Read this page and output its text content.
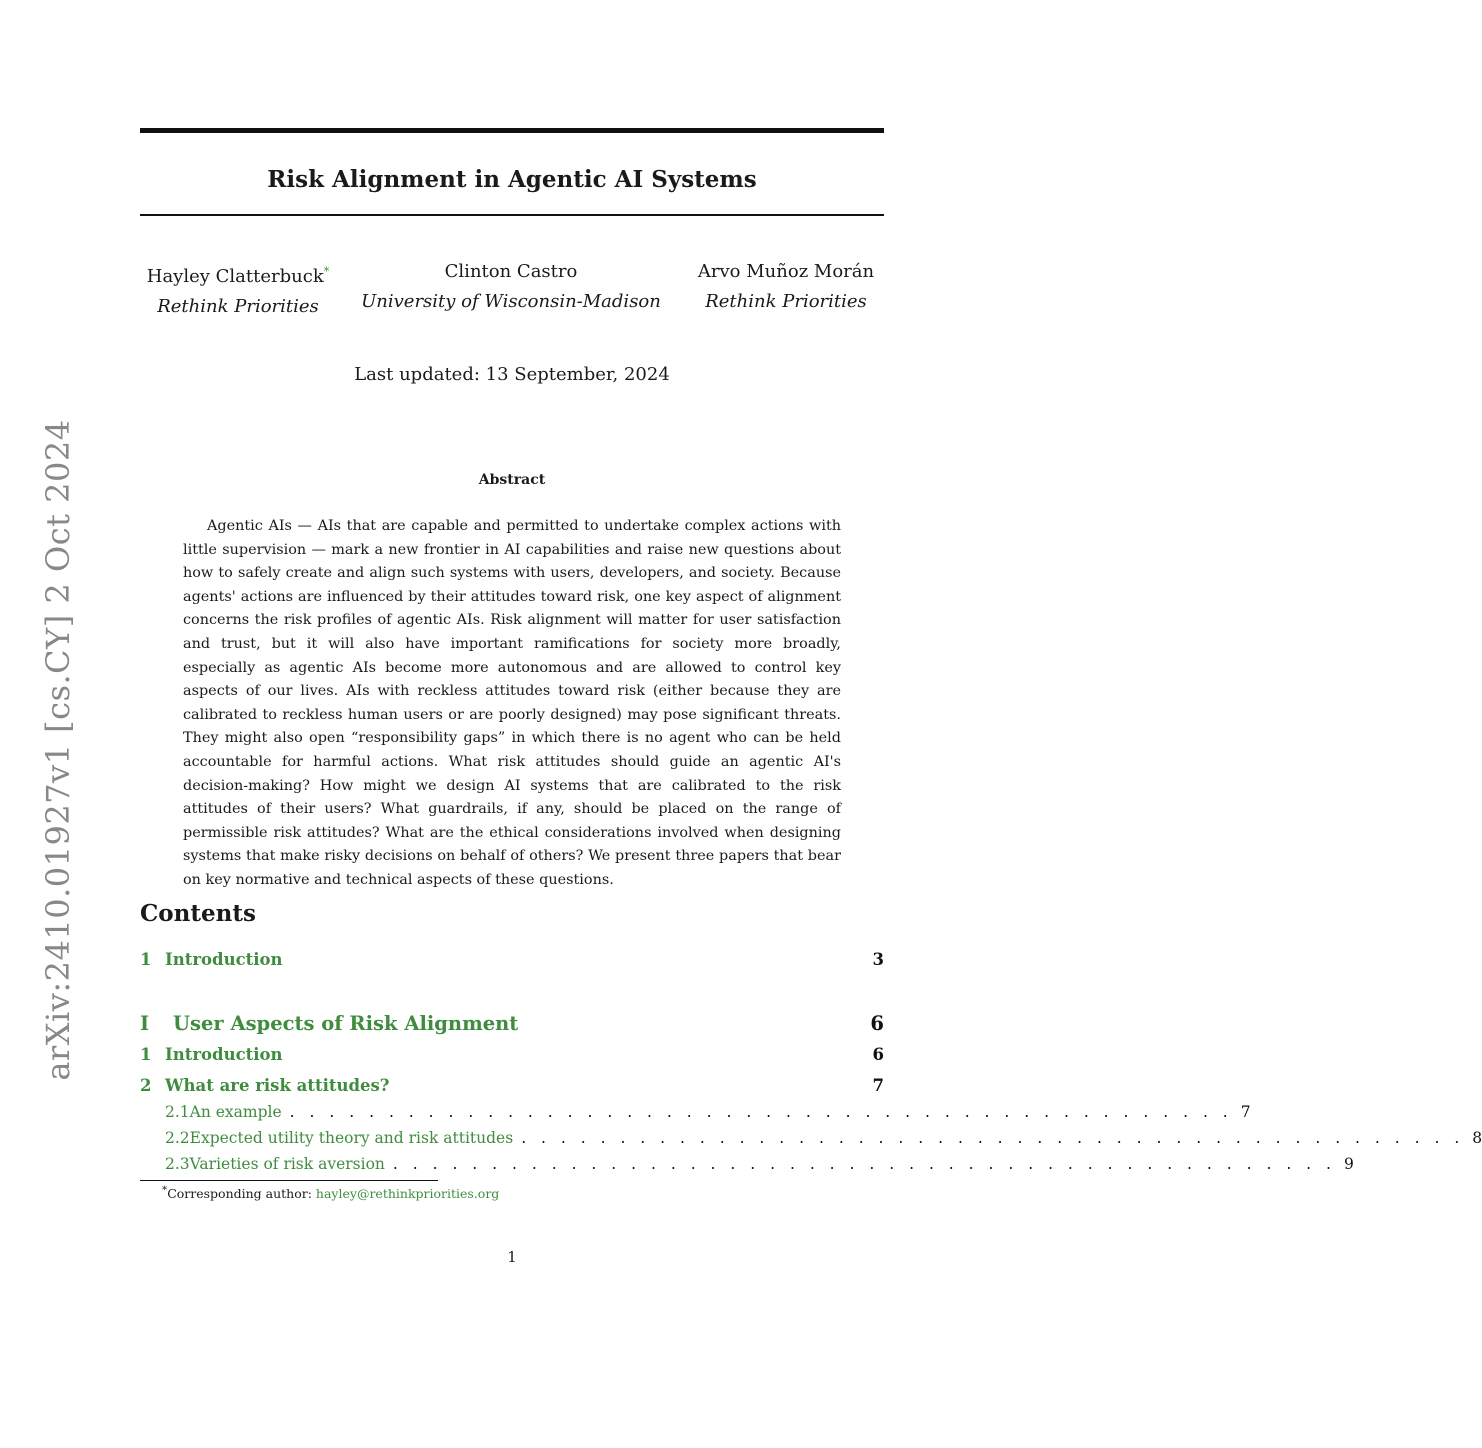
arXiv:2410.01927v1 [cs.CY] 2 Oct 2024
Risk Alignment in Agentic AI Systems
Hayley Clatterbuck*
Rethink Priorities
Clinton Castro
University of Wisconsin-Madison
Arvo Muñoz Morán
Rethink Priorities
Last updated: 13 September, 2024
Abstract
Agentic AIs — AIs that are capable and permitted to undertake complex actions with little supervision — mark a new frontier in AI capabilities and raise new questions about how to safely create and align such systems with users, developers, and society. Because agents' actions are influenced by their attitudes toward risk, one key aspect of alignment concerns the risk profiles of agentic AIs. Risk alignment will matter for user satisfaction and trust, but it will also have important ramifications for society more broadly, especially as agentic AIs become more autonomous and are allowed to control key aspects of our lives. AIs with reckless attitudes toward risk (either because they are calibrated to reckless human users or are poorly designed) may pose significant threats. They might also open “responsibility gaps” in which there is no agent who can be held accountable for harmful actions. What risk attitudes should guide an agentic AI's decision-making? How might we design AI systems that are calibrated to the risk attitudes of their users? What guardrails, if any, should be placed on the range of permissible risk attitudes? What are the ethical considerations involved when designing systems that make risky decisions on behalf of others? We present three papers that bear on key normative and technical aspects of these questions.
Contents
1 Introduction	3
I	User Aspects of Risk Alignment	6
1 Introduction	6
2 What are risk attitudes?	7
2.1 An example . . . . . . . . . . . . . . . . . . . . . . . . . . . . . . . . . . . . . . . . . . . . . . . . 7
2.2 Expected utility theory and risk attitudes . . . . . . . . . . . . . . . . . . . . . . . . . . . . . . . . . . . . . . . . . . . . . . . . 8
2.3 Varieties of risk aversion . . . . . . . . . . . . . . . . . . . . . . . . . . . . . . . . . . . . . . . . . . . . . . . . 9
*Corresponding author: hayley@rethinkpriorities.org
1
